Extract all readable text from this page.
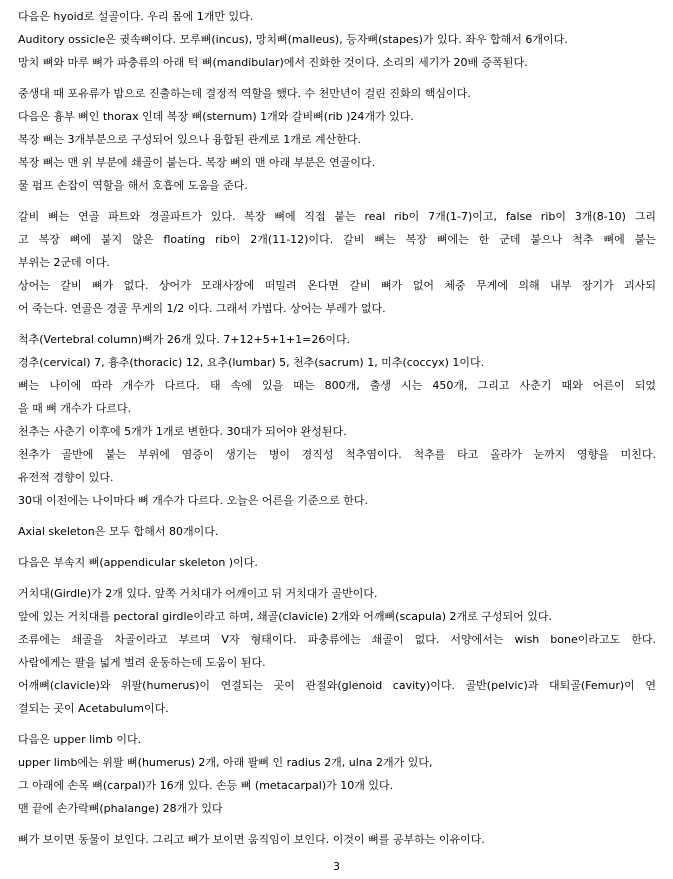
다음은 hyoid로 설골이다. 우리 몸에 1개만 있다.
Auditory ossicle은 귓속뼈이다. 모루뼈(incus), 망치뼈(malleus), 등자뼈(stapes)가 있다. 좌우 합해서 6개이다.
망치 뼈와 마루 뼈가 파충류의 아래 턱 뼈(mandibular)에서 진화한 것이다. 소리의 세기가 20배 증폭된다.
중생대 때 포유류가 밤으로 진출하는데 결정적 역할을 했다. 수 천만년이 걸린 진화의 핵심이다.
다음은 흉부 뼈인 thorax 인데 복장 뼈(sternum) 1개와 갈비뼈(rib )24개가 있다.
복장 뼈는 3개부분으로 구성되어 있으나 융합된 관계로 1개로 계산한다.
복장 뼈는 맨 위 부분에 쇄골이 붙는다. 복장 뼈의 맨 아래 부분은 연골이다.
물 펌프 손잡이 역할을 해서 호흡에 도움을 준다.
갈비 뼈는 연골 파트와 경골파트가 있다. 복장 뼈에 직접 붙는 real rib이 7개(1-7)이고, false rib이 3개(8-10) 그리
고 복장 뼈에 붙지 않은 floating rib이 2개(11-12)이다. 갈비 뼈는 복장 뼈에는 한 군데 붙으나 척추 뼈에 붙는
부위는 2군데 이다.
상어는 갈비 뼈가 없다. 상어가 모래사장에 떠밀려 온다면 갈비 뼈가 없어 체중 무게에 의해 내부 장기가 괴사되
어 죽는다. 연골은 경골 무게의 1/2 이다. 그래서 가볍다. 상어는 부레가 없다.
척추(Vertebral column)뼈가 26개 있다. 7+12+5+1+1=26이다.
경추(cervical) 7, 흉추(thoracic) 12, 요추(lumbar) 5, 천추(sacrum) 1, 미추(coccyx) 1이다.
뼈는 나이에 따라 개수가 다르다. 태 속에 있을 때는 800개, 출생 시는 450개, 그리고 사춘기 때와 어른이 되었
을 때 뼈 개수가 다르다.
천추는 사춘기 이후에 5개가 1개로 변한다. 30대가 되어야 완성된다.
천추가 골반에 붙는 부위에 염증이 생기는 병이 경직성 척추염이다. 척추를 타고 올라가 눈까지 영향을 미친다.
유전적 경향이 있다.
30대 이전에는 나이마다 뼈 개수가 다르다. 오늘은 어른을 기준으로 한다.
Axial skeleton은 모두 합해서 80개이다.
다음은 부속지 뼈(appendicular skeleton )이다.
거치대(Girdle)가 2개 있다. 앞쪽 거치대가 어깨이고 뒤 거치대가 골반이다.
앞에 있는 거치대를 pectoral girdle이라고 하며, 쇄골(clavicle) 2개와 어깨뼈(scapula) 2개로 구성되어 있다.
조류에는 쇄골을 차골이라고 부르며 V자 형태이다. 파충류에는 쇄골이 없다. 서양에서는 wish bone이라고도 한다.
사람에게는 팔을 넓게 벌려 운동하는데 도움이 된다.
어깨뼈(clavicle)와 위팔(humerus)이 연결되는 곳이 관절와(glenoid cavity)이다. 골반(pelvic)과 대퇴골(Femur)이 연
결되는 곳이 Acetabulum이다.
다음은 upper limb 이다.
upper limb에는 위팔 뼈(humerus) 2개, 아래 팔뼈 인 radius 2개, ulna 2개가 있다,
그 아래에 손목 뼈(carpal)가 16개 있다. 손등 뼈 (metacarpal)가 10개 있다.
맨 끝에 손가락뼈(phalange) 28개가 있다
뼈가 보이면 동물이 보인다. 그리고 뼈가 보이면 움직임이 보인다. 이것이 뼈를 공부하는 이유이다.
3
